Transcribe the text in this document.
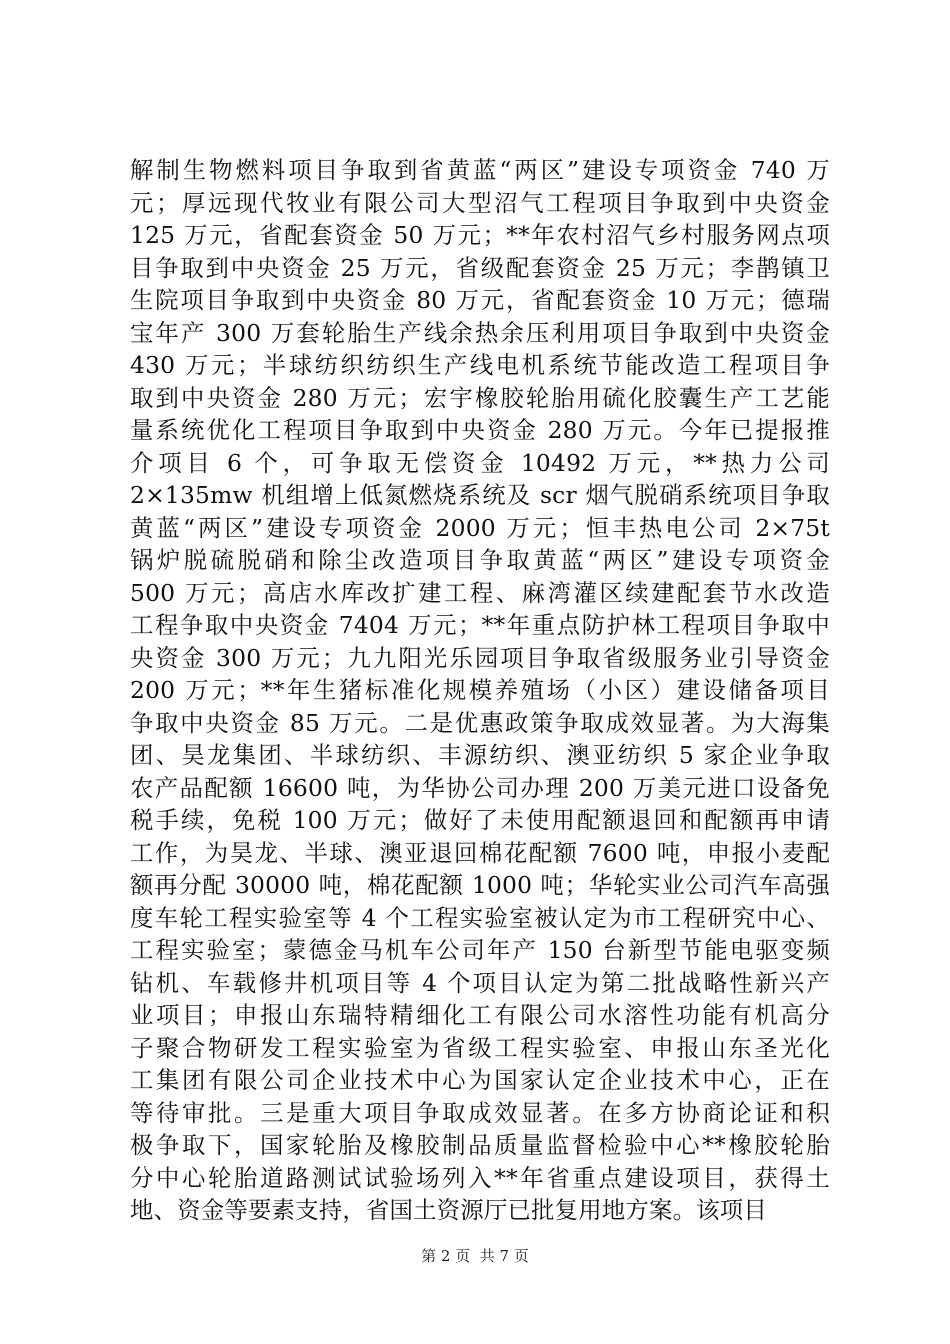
解制生物燃料项目争取到省黄蓝“两区”建设专项资金 740 万
元；厚远现代牧业有限公司大型沼气工程项目争取到中央资金
125 万元，省配套资金 50 万元；**年农村沼气乡村服务网点项
目争取到中央资金 25 万元，省级配套资金 25 万元；李鹊镇卫
生院项目争取到中央资金 80 万元，省配套资金 10 万元；德瑞
宝年产 300 万套轮胎生产线余热余压利用项目争取到中央资金
430 万元；半球纺织纺织生产线电机系统节能改造工程项目争
取到中央资金 280 万元；宏宇橡胶轮胎用硫化胶囊生产工艺能
量系统优化工程项目争取到中央资金 280 万元。今年已提报推
介项目 6 个，可争取无偿资金 10492 万元，**热力公司
2×135mw 机组增上低氮燃烧系统及 scr 烟气脱硝系统项目争取
黄蓝“两区”建设专项资金 2000 万元；恒丰热电公司 2×75t
锅炉脱硫脱硝和除尘改造项目争取黄蓝“两区”建设专项资金
500 万元；高店水库改扩建工程、麻湾灌区续建配套节水改造
工程争取中央资金 7404 万元；**年重点防护林工程项目争取中
央资金 300 万元；九九阳光乐园项目争取省级服务业引导资金
200 万元；**年生猪标准化规模养殖场（小区）建设储备项目
争取中央资金 85 万元。二是优惠政策争取成效显著。为大海集
团、昊龙集团、半球纺织、丰源纺织、澳亚纺织 5 家企业争取
农产品配额 16600 吨，为华协公司办理 200 万美元进口设备免
税手续，免税 100 万元；做好了未使用配额退回和配额再申请
工作，为昊龙、半球、澳亚退回棉花配额 7600 吨，申报小麦配
额再分配 30000 吨，棉花配额 1000 吨；华轮实业公司汽车高强
度车轮工程实验室等 4 个工程实验室被认定为市工程研究中心、
工程实验室；蒙德金马机车公司年产 150 台新型节能电驱变频
钻机、车载修井机项目等 4 个项目认定为第二批战略性新兴产
业项目；申报山东瑞特精细化工有限公司水溶性功能有机高分
子聚合物研发工程实验室为省级工程实验室、申报山东圣光化
工集团有限公司企业技术中心为国家认定企业技术中心，正在
等待审批。三是重大项目争取成效显著。在多方协商论证和积
极争取下，国家轮胎及橡胶制品质量监督检验中心**橡胶轮胎
分中心轮胎道路测试试验场列入**年省重点建设项目，获得土
地、资金等要素支持，省国土资源厅已批复用地方案。该项目
第 2 页  共 7 页
